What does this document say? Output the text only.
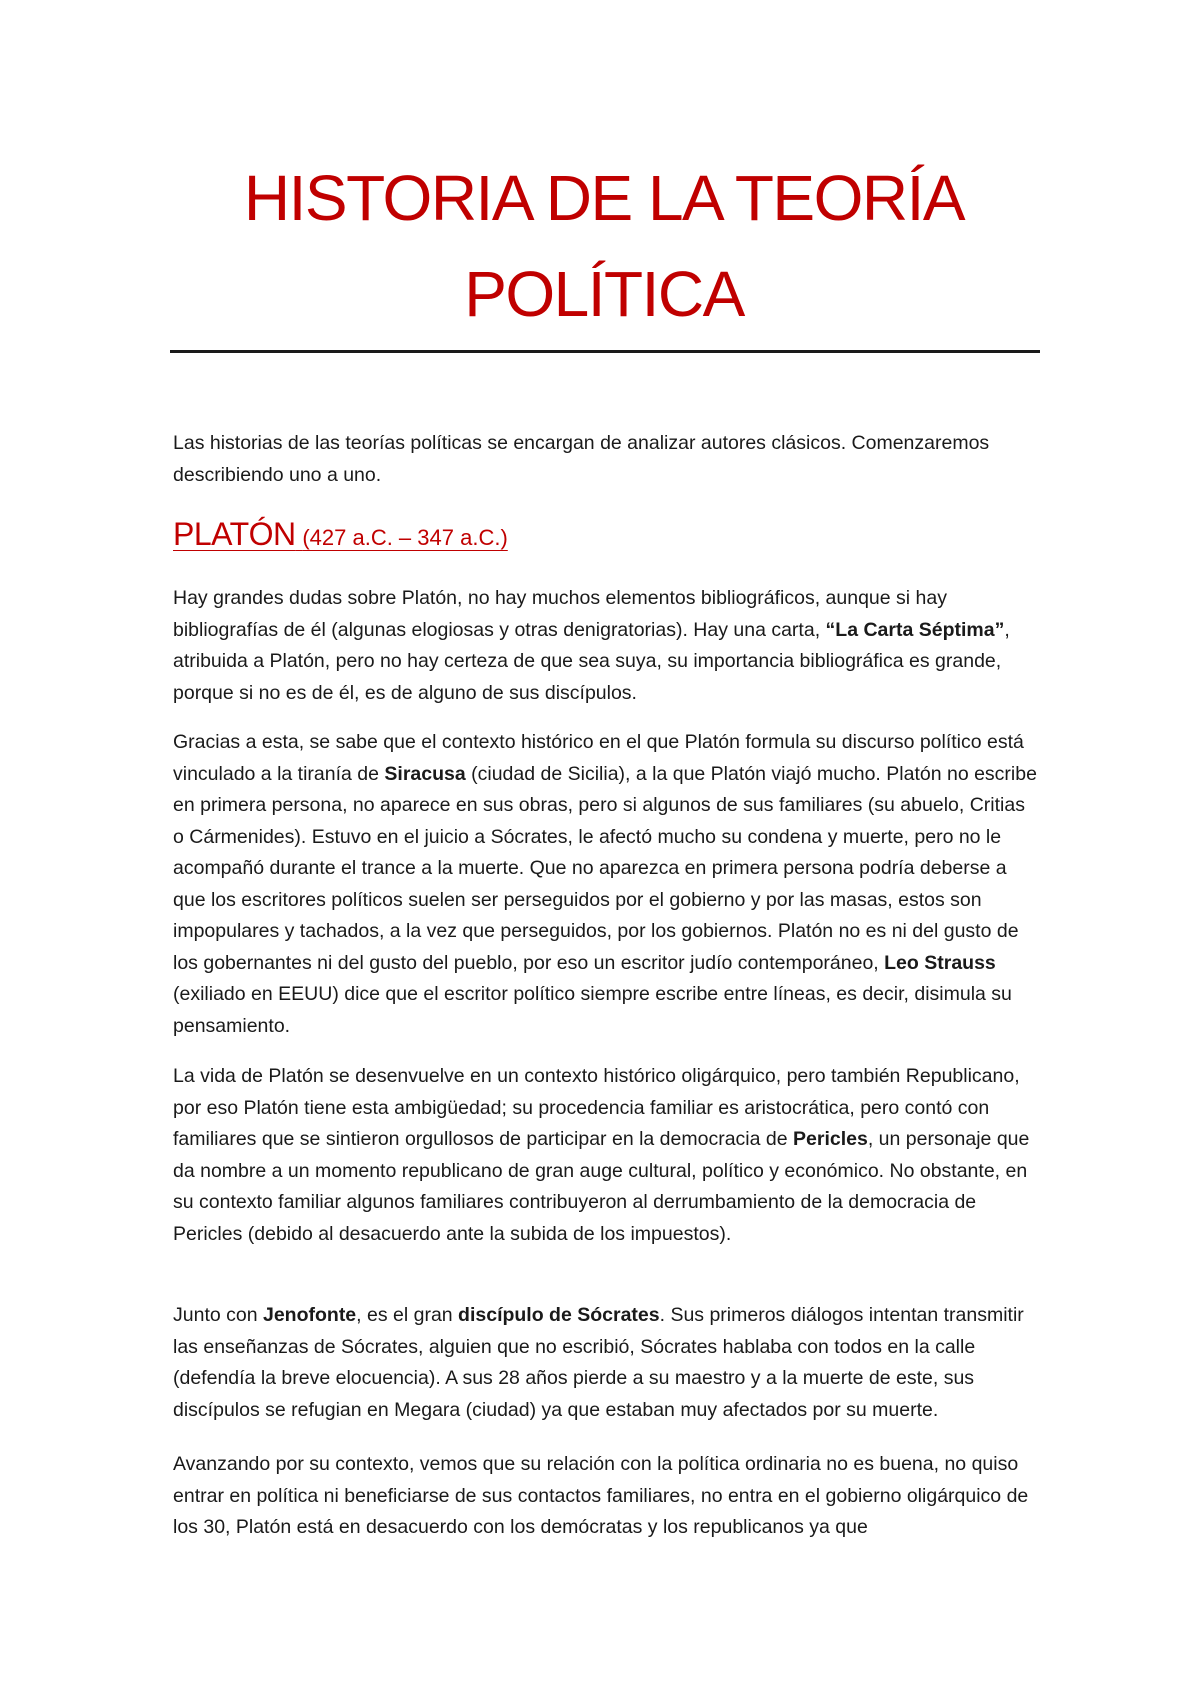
HISTORIA DE LA TEORÍA
POLÍTICA

Las historias de las teorías políticas se encargan de analizar autores clásicos. Comenzaremos describiendo uno a uno.

PLATÓN (427 a.C. – 347 a.C.)

Hay grandes dudas sobre Platón, no hay muchos elementos bibliográficos, aunque si hay bibliografías de él (algunas elogiosas y otras denigratorias). Hay una carta, “La Carta Séptima”, atribuida a Platón, pero no hay certeza de que sea suya, su importancia bibliográfica es grande, porque si no es de él, es de alguno de sus discípulos.

Gracias a esta, se sabe que el contexto histórico en el que Platón formula su discurso político está vinculado a la tiranía de Siracusa (ciudad de Sicilia), a la que Platón viajó mucho. Platón no escribe en primera persona, no aparece en sus obras, pero si algunos de sus familiares (su abuelo, Critias o Cármenides). Estuvo en el juicio a Sócrates, le afectó mucho su condena y muerte, pero no le acompañó durante el trance a la muerte. Que no aparezca en primera persona podría deberse a que los escritores políticos suelen ser perseguidos por el gobierno y por las masas, estos son impopulares y tachados, a la vez que perseguidos, por los gobiernos. Platón no es ni del gusto de los gobernantes ni del gusto del pueblo, por eso un escritor judío contemporáneo, Leo Strauss (exiliado en EEUU) dice que el escritor político siempre escribe entre líneas, es decir, disimula su pensamiento.

La vida de Platón se desenvuelve en un contexto histórico oligárquico, pero también Republicano, por eso Platón tiene esta ambigüedad; su procedencia familiar es aristocrática, pero contó con familiares que se sintieron orgullosos de participar en la democracia de Pericles, un personaje que da nombre a un momento republicano de gran auge cultural, político y económico. No obstante, en su contexto familiar algunos familiares contribuyeron al derrumbamiento de la democracia de Pericles (debido al desacuerdo ante la subida de los impuestos).

Junto con Jenofonte, es el gran discípulo de Sócrates. Sus primeros diálogos intentan transmitir las enseñanzas de Sócrates, alguien que no escribió, Sócrates hablaba con todos en la calle (defendía la breve elocuencia). A sus 28 años pierde a su maestro y a la muerte de este, sus discípulos se refugian en Megara (ciudad) ya que estaban muy afectados por su muerte.

Avanzando por su contexto, vemos que su relación con la política ordinaria no es buena, no quiso entrar en política ni beneficiarse de sus contactos familiares, no entra en el gobierno oligárquico de los 30, Platón está en desacuerdo con los demócratas y los republicanos ya que
